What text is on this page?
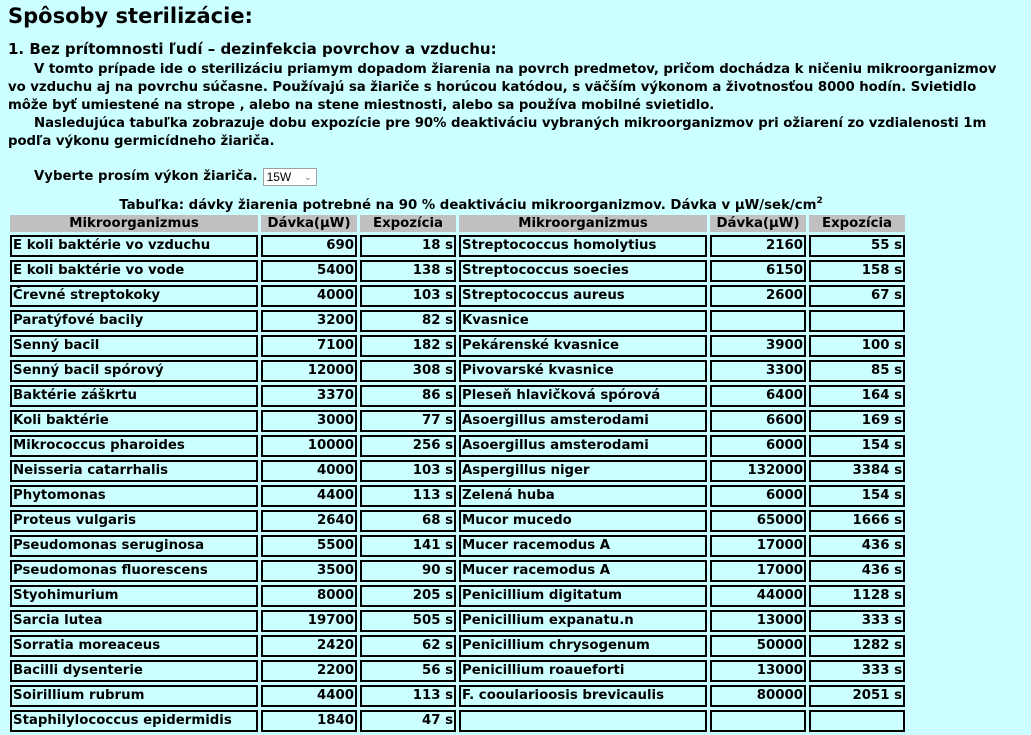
Spôsoby sterilizácie:
1. Bez prítomnosti ľudí – dezinfekcia povrchov a vzduchu:

V tomto prípade ide o sterilizáciu priamym dopadom žiarenia na povrch predmetov, pričom dochádza k ničeniu mikroorganizmov vo vzduchu aj na povrchu súčasne. Používajú sa žiariče s horúcou katódou, s väčším výkonom a životnosťou 8000 hodín. Svietidlo môže byť umiestené na strope , alebo na stene miestnosti, alebo sa používa mobilné svietidlo.

Nasledujúca tabuľka zobrazuje dobu expozície pre 90% deaktiváciu vybraných mikroorganizmov pri ožiarení zo vzdialenosti 1m podľa výkonu germicídneho žiariča.

Vyberte prosím výkon žiariča. 15W ⌄
Tabuľka: dávky žiarenia potrebné na 90 % deaktiváciu mikroorganizmov. Dávka v $\mu W/sek/cm^2$
Mikroorganizmus	Dávka(µW)	Expozícia	Mikroorganizmus	Dávka(µW)	Expozícia
E koli baktérie vo vzduchu	690	18 s	Streptococcus homolytius	2160	55 s
E koli baktérie vo vode	5400	138 s	Streptococcus soecies	6150	158 s
Črevné streptokoky	4000	103 s	Streptococcus aureus	2600	67 s
Paratýfové bacily	3200	82 s	Kvasnice		
Senný bacil	7100	182 s	Pekárenské kvasnice	3900	100 s
Senný bacil spórový	12000	308 s	Pivovarské kvasnice	3300	85 s
Baktérie záškrtu	3370	86 s	Pleseň hlavičková spórová	6400	164 s
Koli baktérie	3000	77 s	Asoergillus amsterodami	6600	169 s
Mikrococcus pharoides	10000	256 s	Asoergillus amsterodami	6000	154 s
Neisseria catarrhalis	4000	103 s	Aspergillus niger	132000	3384 s
Phytomonas	4400	113 s	Zelená huba	6000	154 s
Proteus vulgaris	2640	68 s	Mucor mucedo	65000	1666 s
Pseudomonas seruginosa	5500	141 s	Mucer racemodus A	17000	436 s
Pseudomonas fluorescens	3500	90 s	Mucer racemodus A	17000	436 s
Styohimurium	8000	205 s	Penicillium digitatum	44000	1128 s
Sarcia lutea	19700	505 s	Penicillium expanatu.n	13000	333 s
Sorratia moreaceus	2420	62 s	Penicillium chrysogenum	50000	1282 s
Bacilli dysenterie	2200	56 s	Penicillium roaueforti	13000	333 s
Soirillium rubrum	4400	113 s	F. cooularioosis brevicaulis	80000	2051 s
Staphilylococcus epidermidis	1840	47 s			
